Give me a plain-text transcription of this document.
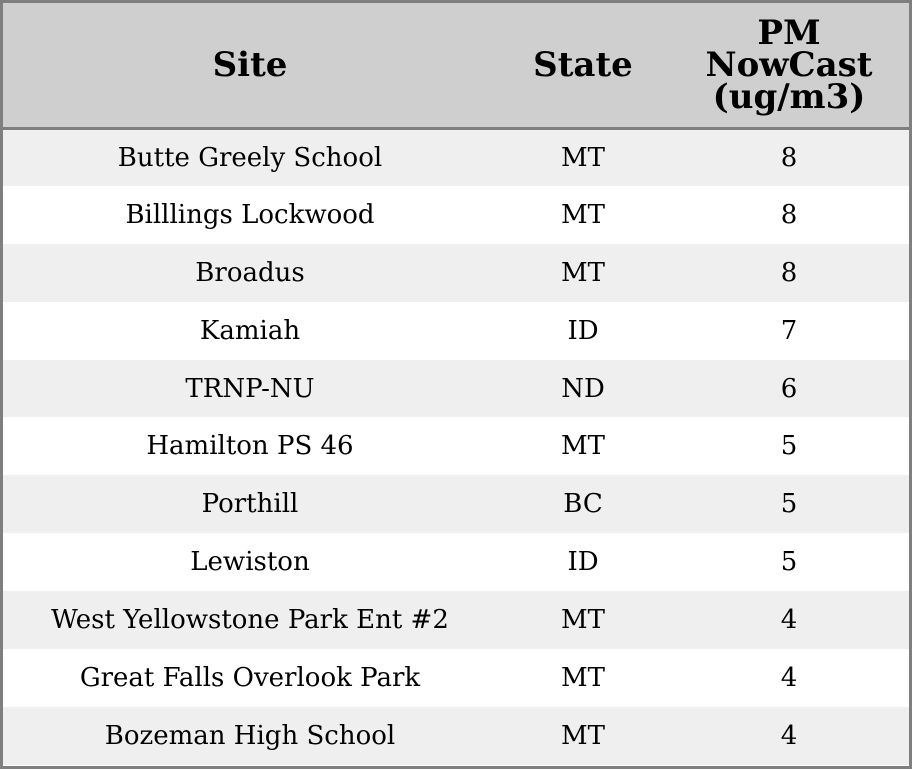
Site	State	PM
NowCast
(ug/m3)

Butte Greely School	MT	8
Billlings Lockwood	MT	8
Broadus	MT	8
Kamiah	ID	7
TRNP-NU	ND	6
Hamilton PS 46	MT	5
Porthill	BC	5
Lewiston	ID	5
West Yellowstone Park Ent #2	MT	4
Great Falls Overlook Park	MT	4
Bozeman High School	MT	4
